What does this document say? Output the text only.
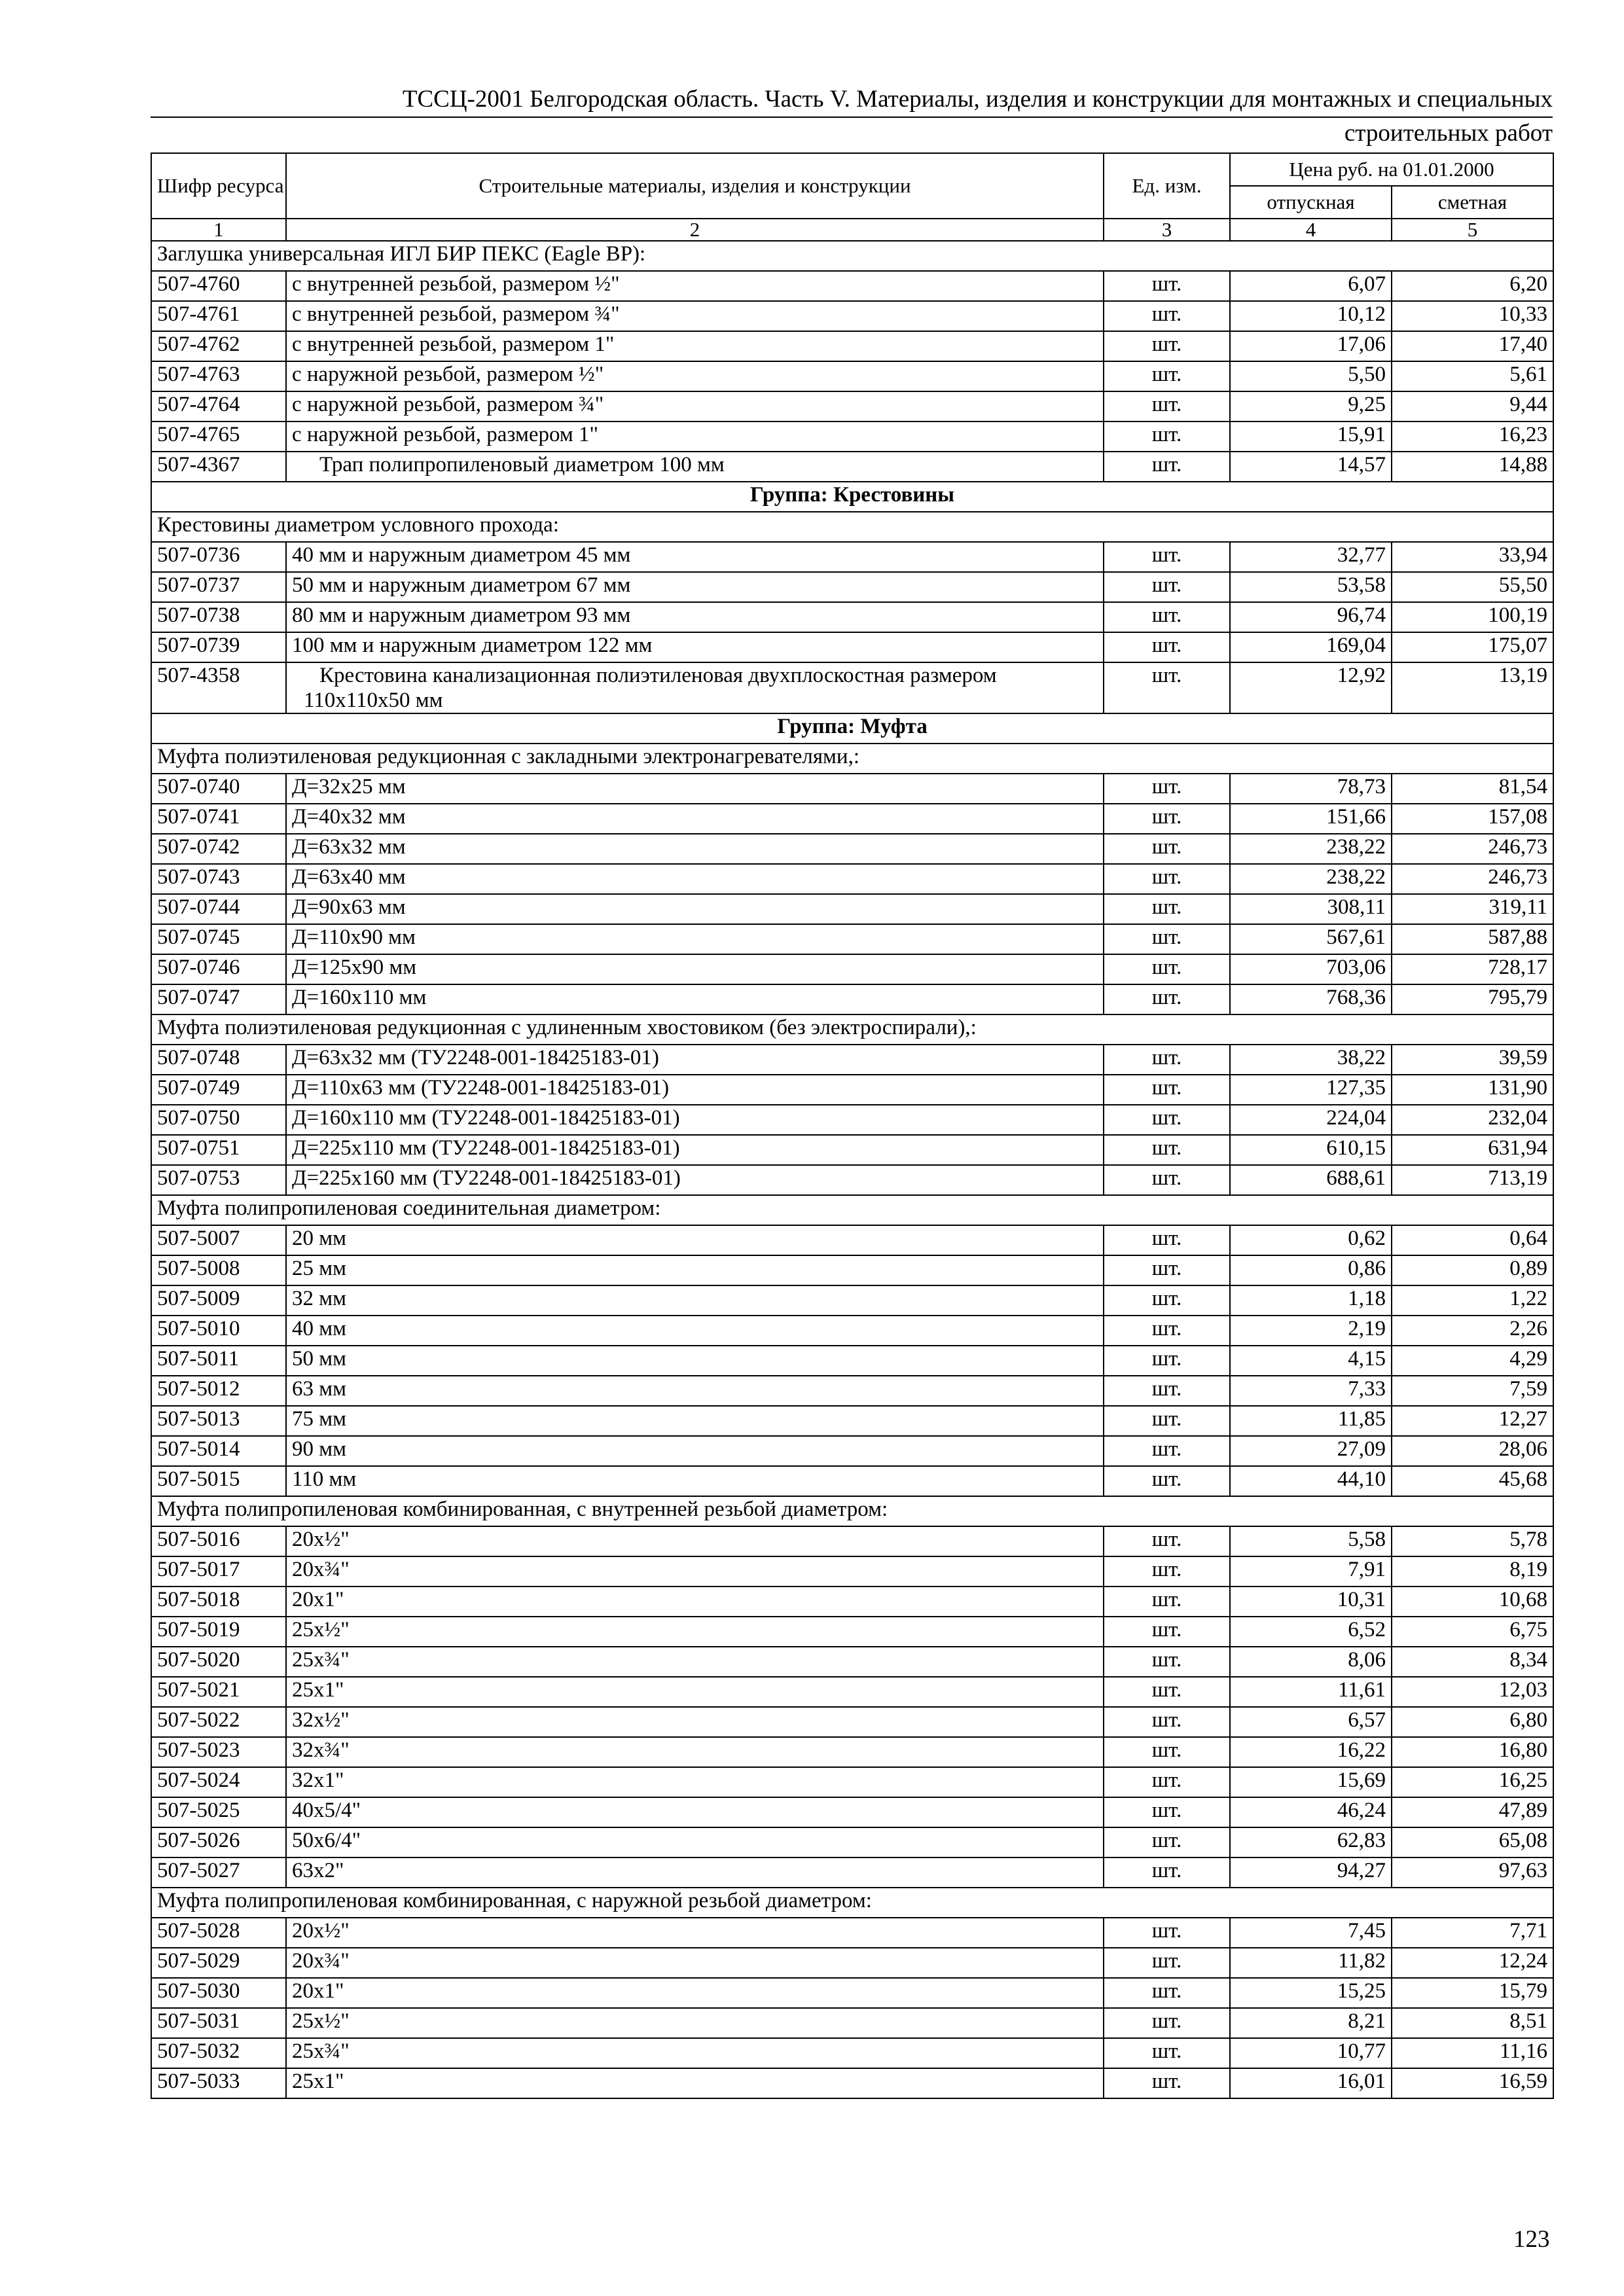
ТССЦ-2001 Белгородская область. Часть V. Материалы, изделия и конструкции для монтажных и специальных
строительных работ
Шифр ресурса	Строительные материалы, изделия и конструкции	Ед. изм.	Цена руб. на 01.01.2000	
			отпускная	сметная
1	2	3	4	5
Заглушка универсальная ИГЛ БИР ПЕКС (Eagle BP):				
507-4760	с внутренней резьбой, размером ½"	шт.	6,07	6,20
507-4761	с внутренней резьбой, размером ¾"	шт.	10,12	10,33
507-4762	с внутренней резьбой, размером 1"	шт.	17,06	17,40
507-4763	с наружной резьбой, размером ½"	шт.	5,50	5,61
507-4764	с наружной резьбой, размером ¾"	шт.	9,25	9,44
507-4765	с наружной резьбой, размером 1"	шт.	15,91	16,23
507-4367	Трап полипропиленовый диаметром 100 мм	шт.	14,57	14,88
Группа: Крестовины				
Крестовины диаметром условного прохода:				
507-0736	40 мм и наружным диаметром 45 мм	шт.	32,77	33,94
507-0737	50 мм и наружным диаметром 67 мм	шт.	53,58	55,50
507-0738	80 мм и наружным диаметром 93 мм	шт.	96,74	100,19
507-0739	100 мм и наружным диаметром 122 мм	шт.	169,04	175,07
507-4358	Крестовина канализационная полиэтиленовая двухплоскостная размером 110х110х50 мм	шт.	12,92	13,19
Группа: Муфта				
Муфта полиэтиленовая редукционная с закладными электронагревателями,:				
507-0740	Д=32х25 мм	шт.	78,73	81,54
507-0741	Д=40х32 мм	шт.	151,66	157,08
507-0742	Д=63х32 мм	шт.	238,22	246,73
507-0743	Д=63х40 мм	шт.	238,22	246,73
507-0744	Д=90х63 мм	шт.	308,11	319,11
507-0745	Д=110х90 мм	шт.	567,61	587,88
507-0746	Д=125х90 мм	шт.	703,06	728,17
507-0747	Д=160х110 мм	шт.	768,36	795,79
Муфта полиэтиленовая редукционная с удлиненным хвостовиком (без электроспирали),:				
507-0748	Д=63х32 мм (ТУ2248-001-18425183-01)	шт.	38,22	39,59
507-0749	Д=110х63 мм (ТУ2248-001-18425183-01)	шт.	127,35	131,90
507-0750	Д=160х110 мм (ТУ2248-001-18425183-01)	шт.	224,04	232,04
507-0751	Д=225х110 мм (ТУ2248-001-18425183-01)	шт.	610,15	631,94
507-0753	Д=225х160 мм (ТУ2248-001-18425183-01)	шт.	688,61	713,19
Муфта полипропиленовая соединительная диаметром:				
507-5007	20 мм	шт.	0,62	0,64
507-5008	25 мм	шт.	0,86	0,89
507-5009	32 мм	шт.	1,18	1,22
507-5010	40 мм	шт.	2,19	2,26
507-5011	50 мм	шт.	4,15	4,29
507-5012	63 мм	шт.	7,33	7,59
507-5013	75 мм	шт.	11,85	12,27
507-5014	90 мм	шт.	27,09	28,06
507-5015	110 мм	шт.	44,10	45,68
Муфта полипропиленовая комбинированная, с внутренней резьбой диаметром:				
507-5016	20х½"	шт.	5,58	5,78
507-5017	20х¾"	шт.	7,91	8,19
507-5018	20х1"	шт.	10,31	10,68
507-5019	25х½"	шт.	6,52	6,75
507-5020	25х¾"	шт.	8,06	8,34
507-5021	25х1"	шт.	11,61	12,03
507-5022	32х½"	шт.	6,57	6,80
507-5023	32х¾"	шт.	16,22	16,80
507-5024	32х1"	шт.	15,69	16,25
507-5025	40х5/4"	шт.	46,24	47,89
507-5026	50х6/4"	шт.	62,83	65,08
507-5027	63х2"	шт.	94,27	97,63
Муфта полипропиленовая комбинированная, с наружной резьбой диаметром:				
507-5028	20х½"	шт.	7,45	7,71
507-5029	20х¾"	шт.	11,82	12,24
507-5030	20х1"	шт.	15,25	15,79
507-5031	25х½"	шт.	8,21	8,51
507-5032	25х¾"	шт.	10,77	11,16
507-5033	25х1"	шт.	16,01	16,59
123
